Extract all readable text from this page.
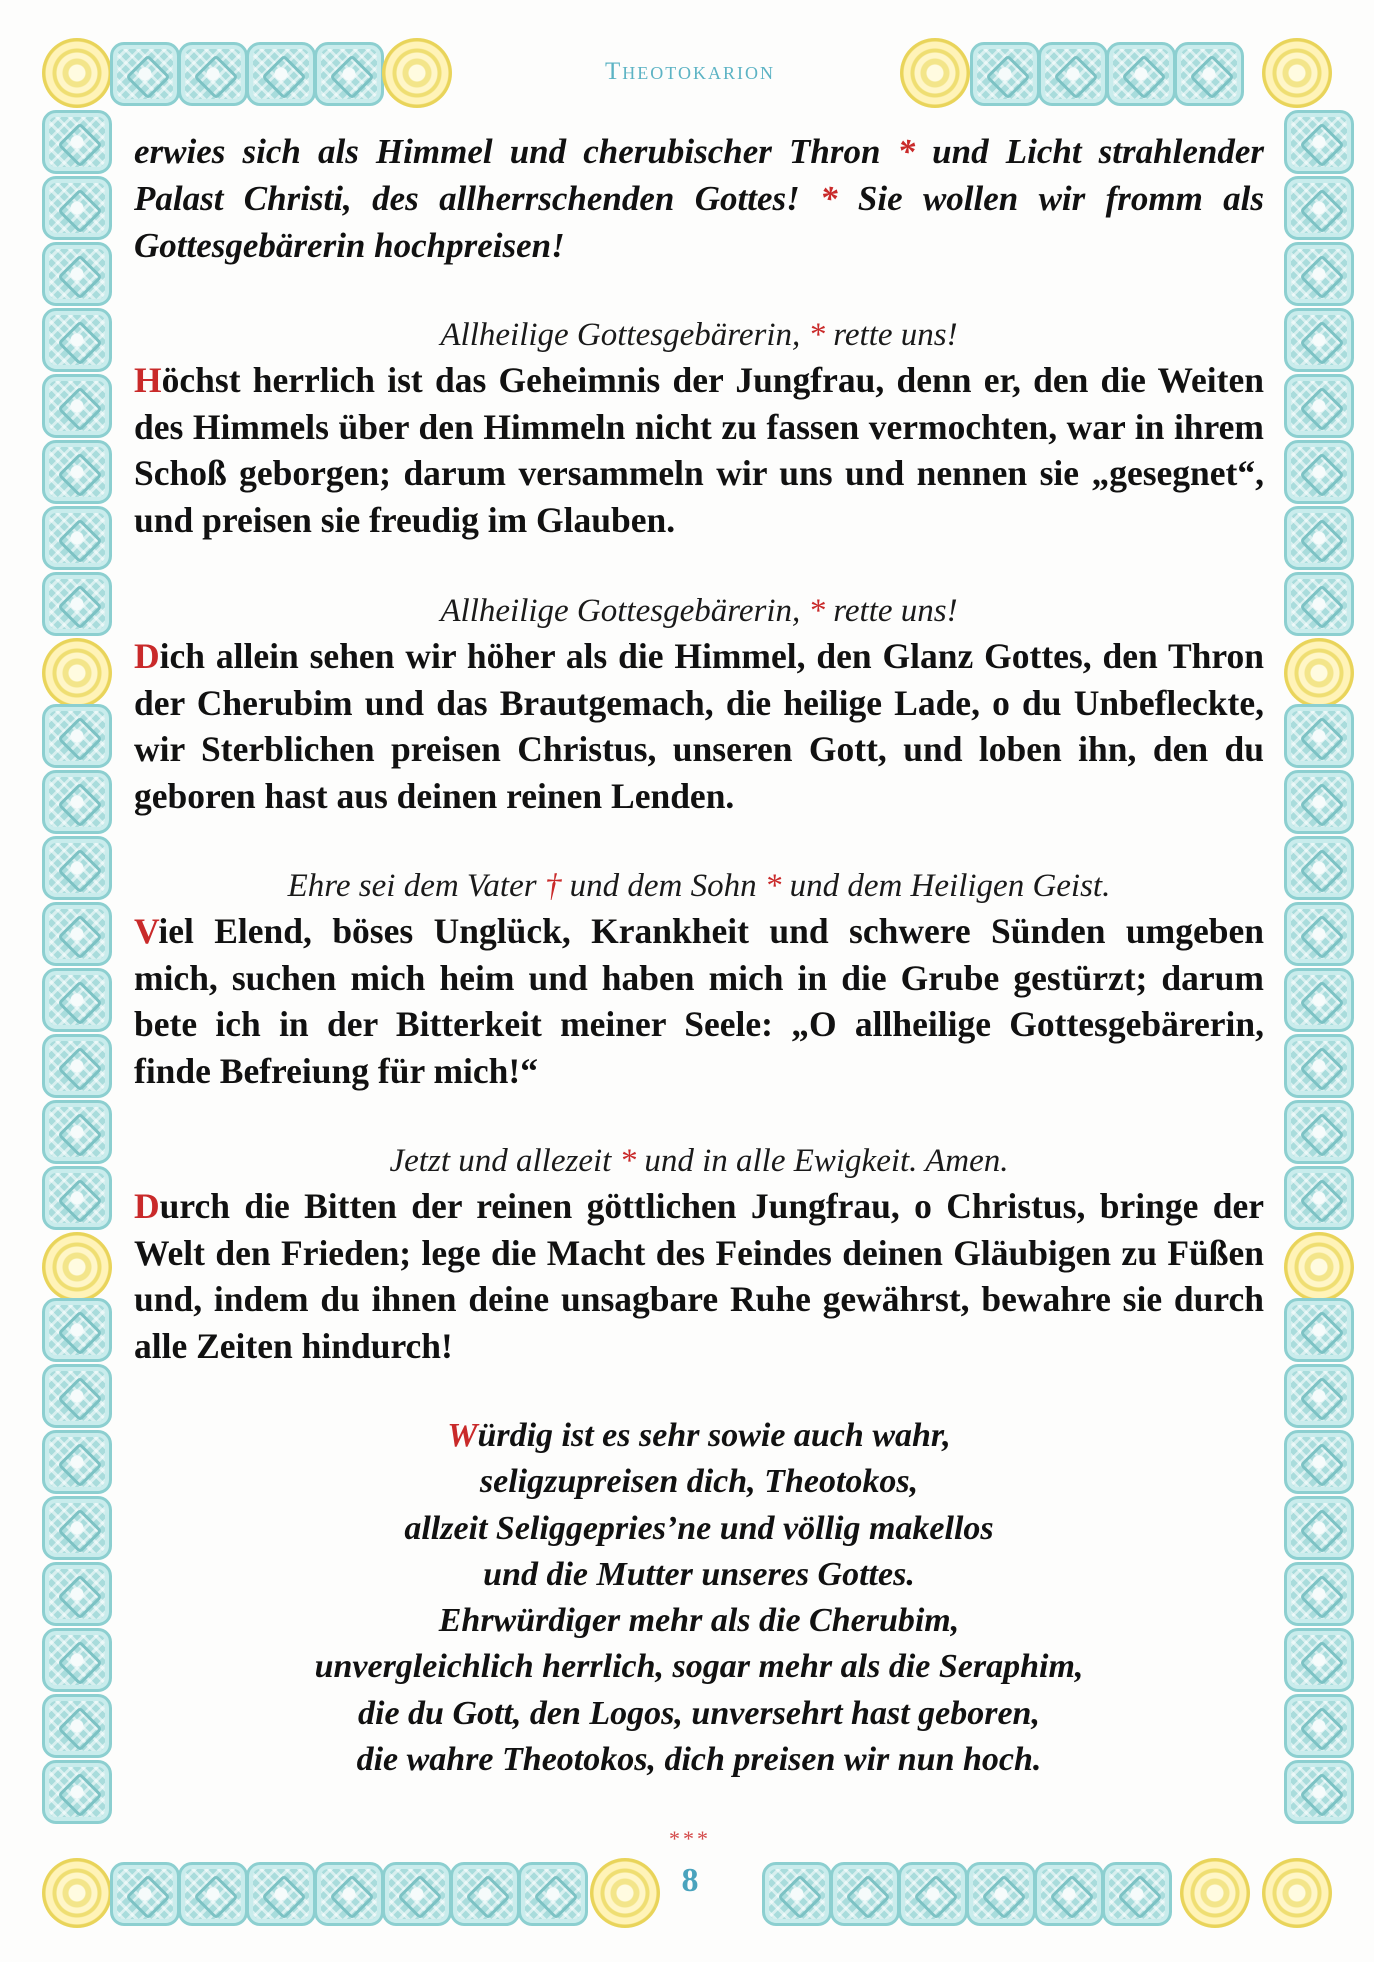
Theotokarion

erwies sich als Himmel und cherubischer Thron * und Licht strahlender Palast Christi, des allherrschenden Gottes! * Sie wollen wir fromm als Gottesgebärerin hochpreisen!

Allheilige Gottesgebärerin, * rette uns!

Höchst herrlich ist das Geheimnis der Jungfrau, denn er, den die Weiten des Himmels über den Himmeln nicht zu fassen vermochten, war in ihrem Schoß geborgen; darum versammeln wir uns und nennen sie „gesegnet“, und preisen sie freudig im Glauben.

Allheilige Gottesgebärerin, * rette uns!

Dich allein sehen wir höher als die Himmel, den Glanz Gottes, den Thron der Cherubim und das Brautgemach, die heilige Lade, o du Unbefleckte, wir Sterblichen preisen Christus, unseren Gott, und loben ihn, den du geboren hast aus deinen reinen Lenden.

Ehre sei dem Vater † und dem Sohn * und dem Heiligen Geist.

Viel Elend, böses Unglück, Krankheit und schwere Sünden umgeben mich, suchen mich heim und haben mich in die Grube gestürzt; darum bete ich in der Bitterkeit meiner Seele: „O allheilige Gottesgebärerin, finde Befreiung für mich!“

Jetzt und allezeit * und in alle Ewigkeit. Amen.

Durch die Bitten der reinen göttlichen Jungfrau, o Christus, bringe der Welt den Frieden; lege die Macht des Feindes deinen Gläubigen zu Füßen und, indem du ihnen deine unsagbare Ruhe gewährst, bewahre sie durch alle Zeiten hindurch!

Würdig ist es sehr sowie auch wahr,
seligzupreisen dich, Theotokos,
allzeit Seliggepries’ne und völlig makellos
und die Mutter unseres Gottes.
Ehrwürdiger mehr als die Cherubim,
unvergleichlich herrlich, sogar mehr als die Seraphim,
die du Gott, den Logos, unversehrt hast geboren,
die wahre Theotokos, dich preisen wir nun hoch.
***
8
